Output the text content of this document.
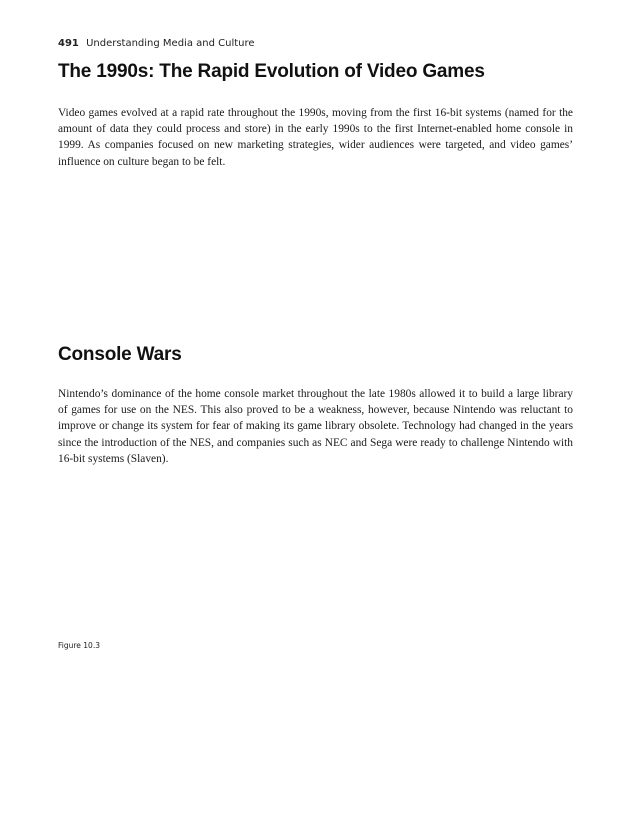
491 Understanding Media and Culture
The 1990s: The Rapid Evolution of Video Games

Video games evolved at a rapid rate throughout the 1990s, moving from the first 16-bit systems (named for the amount of data they could process and store) in the early 1990s to the first Internet-enabled home console in 1999. As companies focused on new marketing strategies, wider audiences were targeted, and video games’ influence on culture began to be felt.

Console Wars

Nintendo’s dominance of the home console market throughout the late 1980s allowed it to build a large library of games for use on the NES. This also proved to be a weakness, however, because Nintendo was reluctant to improve or change its system for fear of making its game library obsolete. Technology had changed in the years since the introduction of the NES, and companies such as NEC and Sega were ready to challenge Nintendo with 16-bit systems (Slaven).

Figure 10.3
